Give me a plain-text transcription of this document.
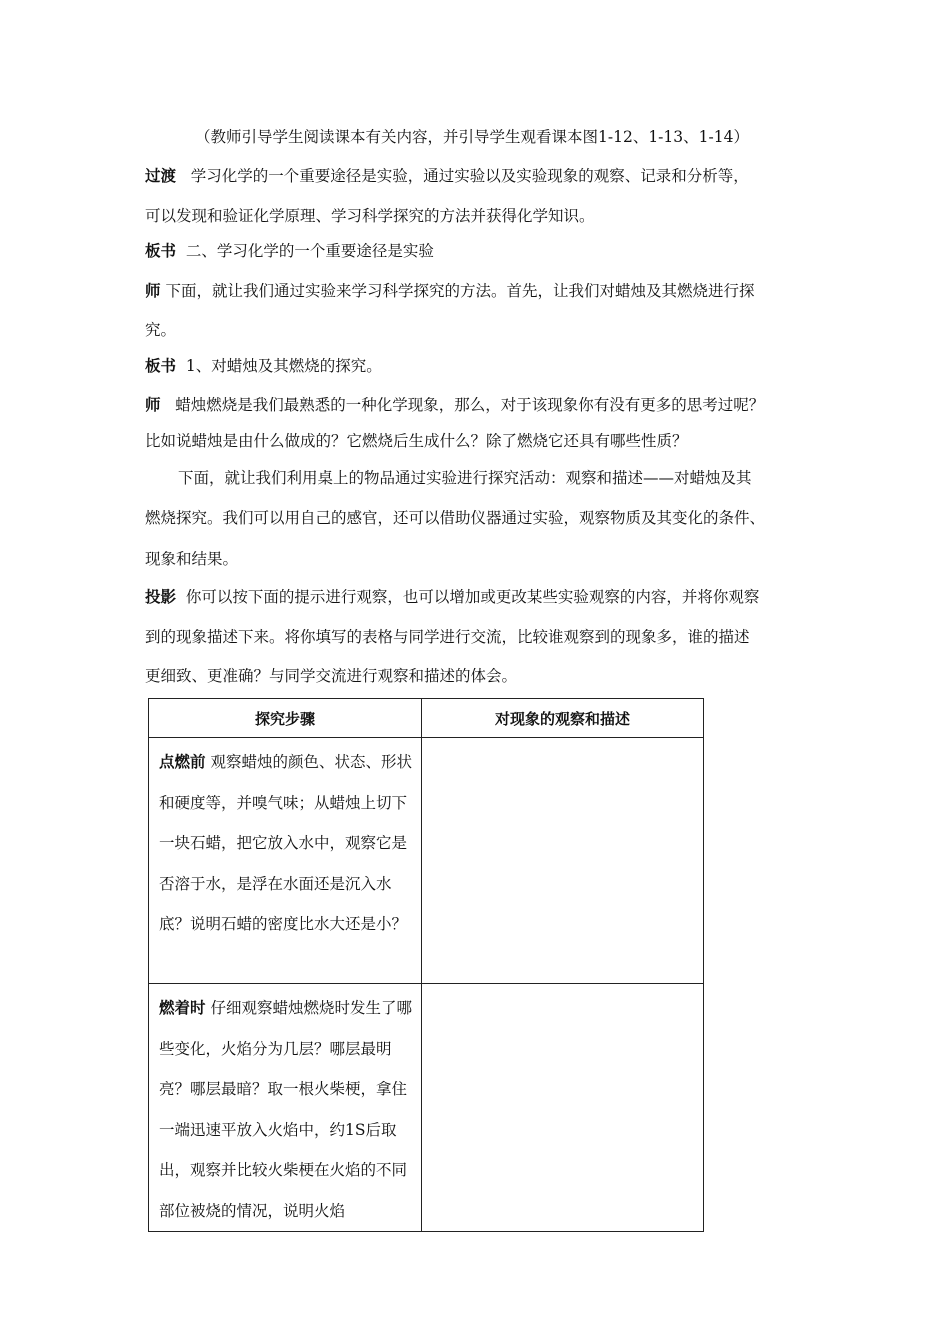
（教师引导学生阅读课本有关内容，并引导学生观看课本图1-12、1-13、1-14）
过渡 学习化学的一个重要途径是实验，通过实验以及实验现象的观察、记录和分析等，
可以发现和验证化学原理、学习科学探究的方法并获得化学知识。
板书 二、学习化学的一个重要途径是实验
师 下面，就让我们通过实验来学习科学探究的方法。首先，让我们对蜡烛及其燃烧进行探
究。
板书 1、对蜡烛及其燃烧的探究。
师 蜡烛燃烧是我们最熟悉的一种化学现象，那么，对于该现象你有没有更多的思考过呢？
比如说蜡烛是由什么做成的？它燃烧后生成什么？除了燃烧它还具有哪些性质？
下面，就让我们利用桌上的物品通过实验进行探究活动：观察和描述——对蜡烛及其
燃烧探究。我们可以用自己的感官，还可以借助仪器通过实验，观察物质及其变化的条件、
现象和结果。
投影 你可以按下面的提示进行观察，也可以增加或更改某些实验观察的内容，并将你观察
到的现象描述下来。将你填写的表格与同学进行交流，比较谁观察到的现象多，谁的描述
更细致、更准确？与同学交流进行观察和描述的体会。
探究步骤	对现象的观察和描述

点燃前 观察蜡烛的颜色、状态、形状和硬度等，并嗅气味；从蜡烛上切下一块石蜡，把它放入水中，观察它是否溶于水，是浮在水面还是沉入水底？说明石蜡的密度比水大还是小？	

燃着时 仔细观察蜡烛燃烧时发生了哪些变化，火焰分为几层？哪层最明亮？哪层最暗？取一根火柴梗，拿住一端迅速平放入火焰中，约1S后取出，观察并比较火柴梗在火焰的不同部位被烧的情况，说明火焰	
